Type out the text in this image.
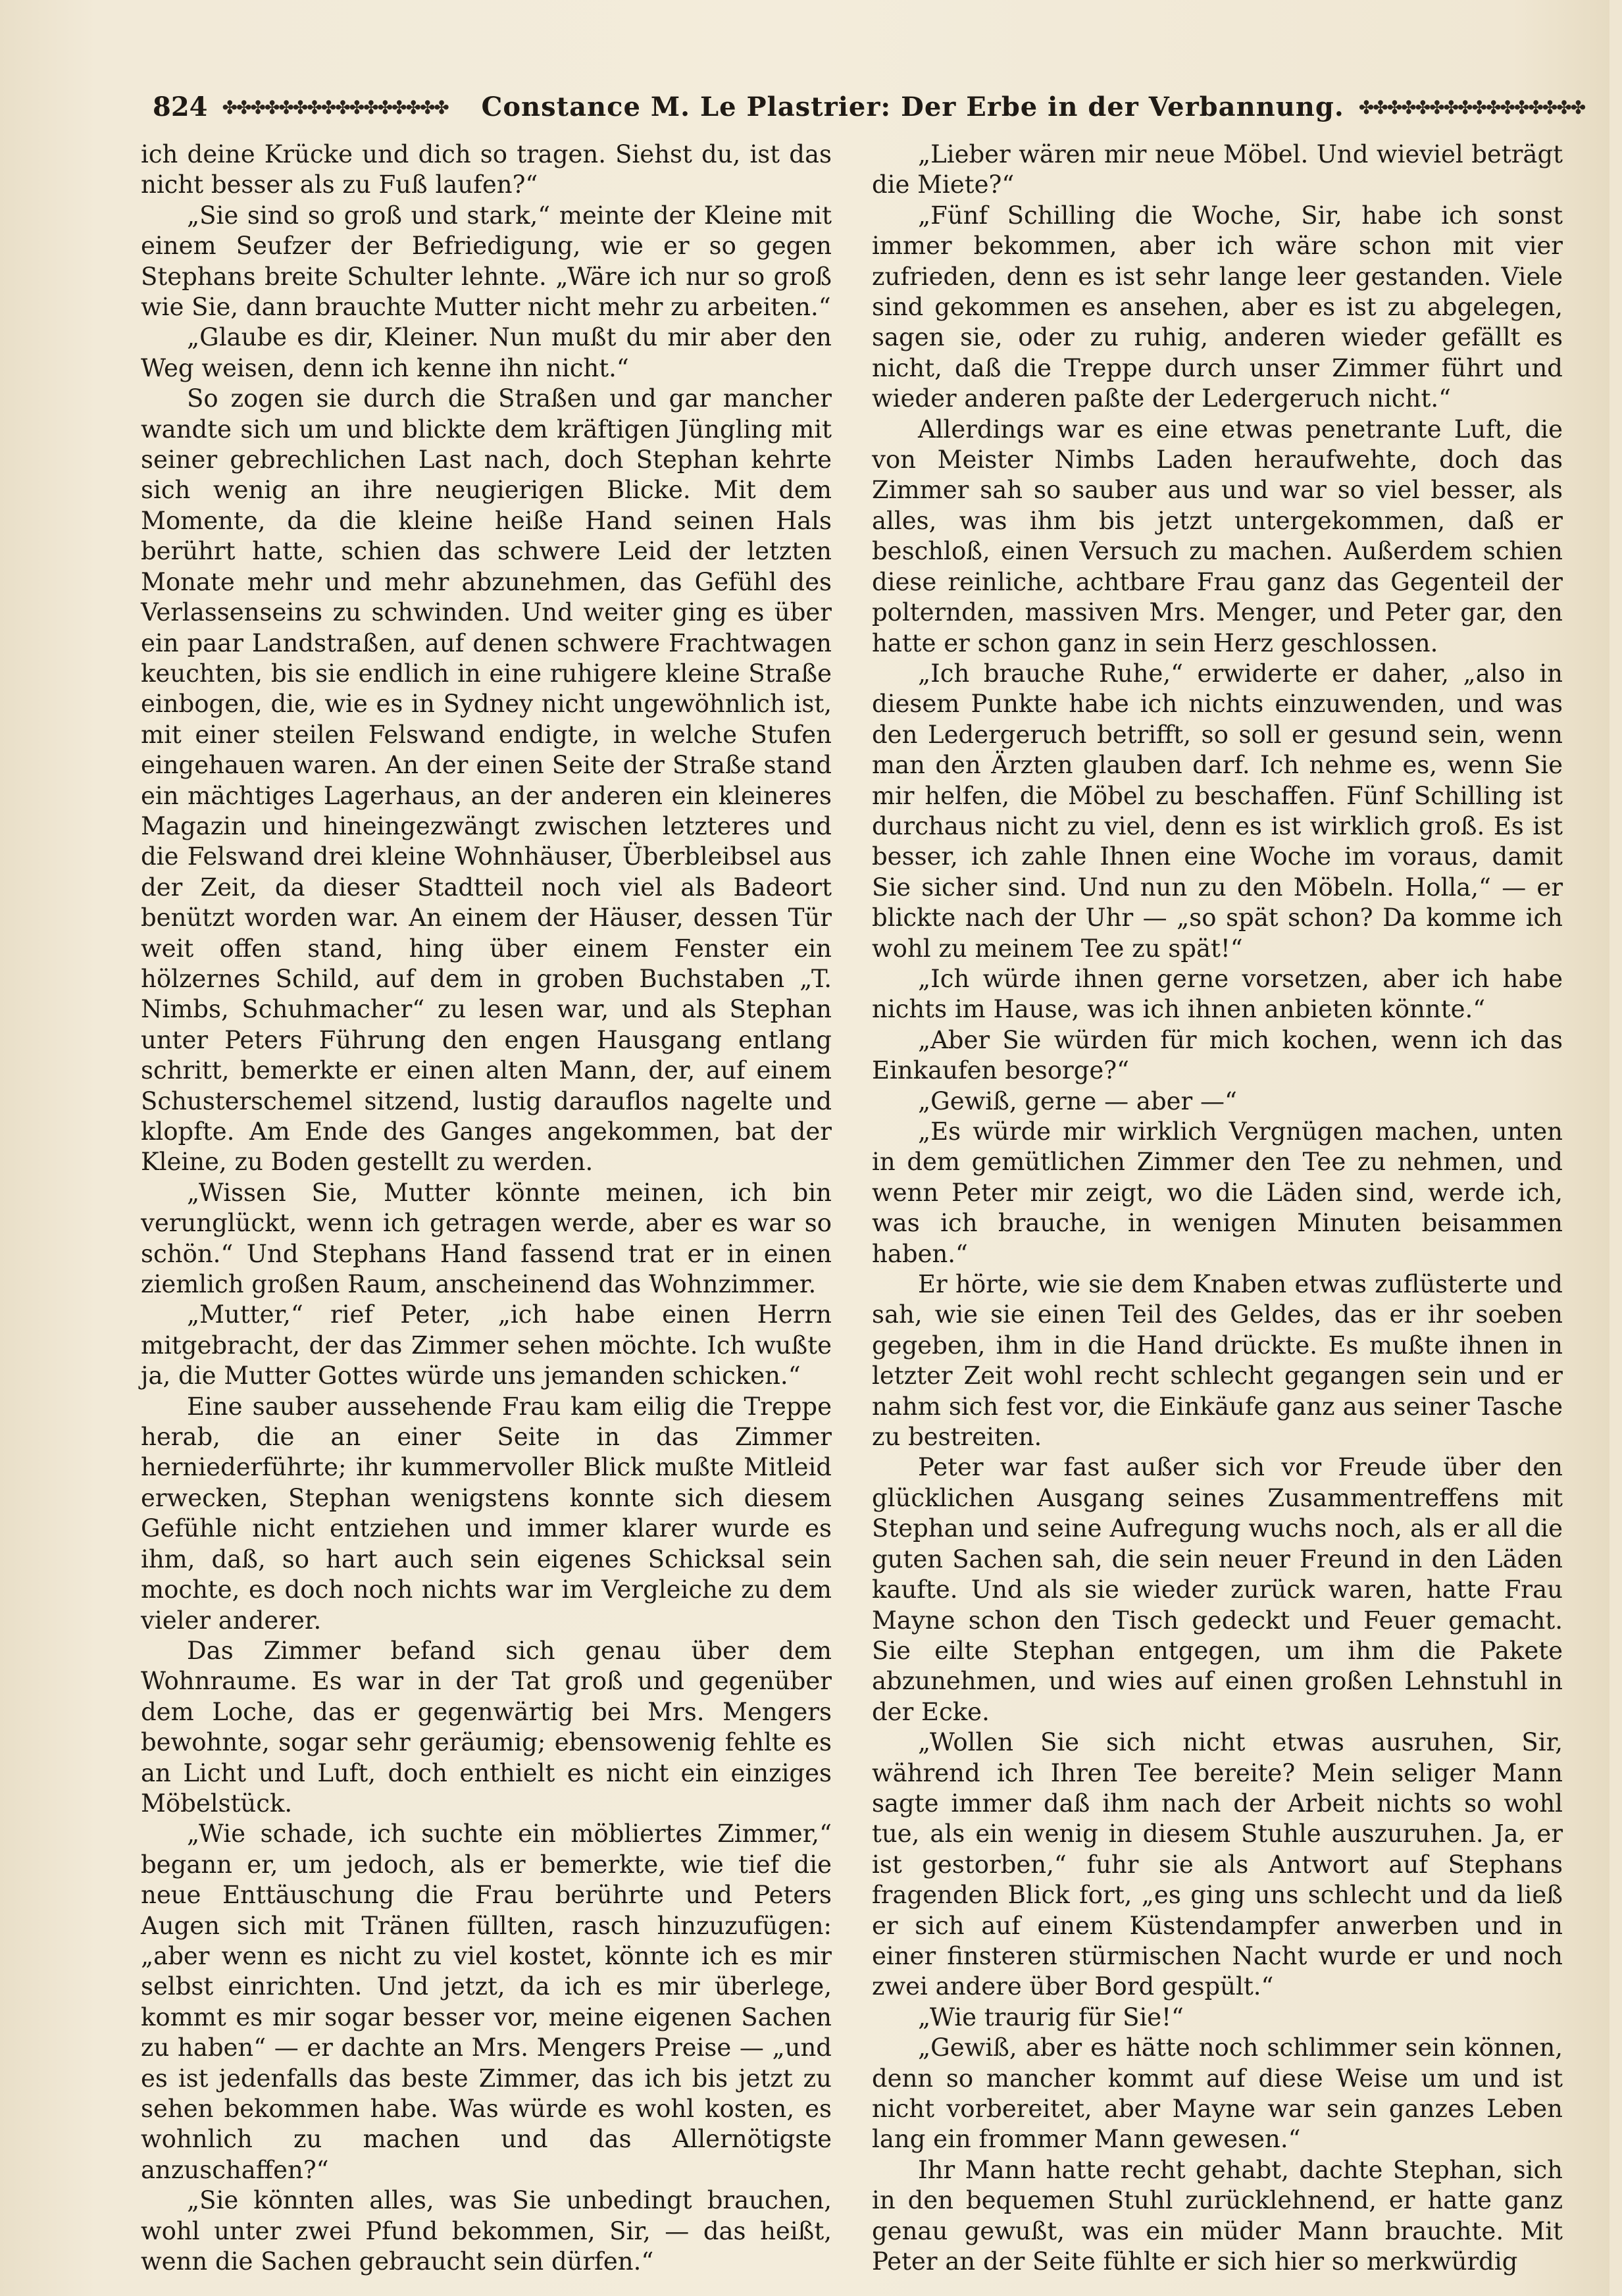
824 ✤✤✤✤✤✤✤✤✤✤✤✤✤✤✤✤	Constance M. Le Plastrier: Der Erbe in der Verbannung. ✤✤✤✤✤✤✤✤✤✤✤✤✤✤✤✤

ich deine Krücke und dich so tragen. Siehst du, ist das nicht besser als zu Fuß laufen?“

„Sie sind so groß und stark,“ meinte der Kleine mit einem Seufzer der Befriedigung, wie er so gegen Stephans breite Schulter lehnte. „Wäre ich nur so groß wie Sie, dann brauchte Mutter nicht mehr zu arbeiten.“

„Glaube es dir, Kleiner. Nun mußt du mir aber den Weg weisen, denn ich kenne ihn nicht.“

So zogen sie durch die Straßen und gar mancher wandte sich um und blickte dem kräftigen Jüngling mit seiner gebrechlichen Last nach, doch Stephan kehrte sich wenig an ihre neugierigen Blicke. Mit dem Momente, da die kleine heiße Hand seinen Hals berührt hatte, schien das schwere Leid der letzten Monate mehr und mehr abzunehmen, das Gefühl des Verlassenseins zu schwinden. Und weiter ging es über ein paar Landstraßen, auf denen schwere Frachtwagen keuchten, bis sie endlich in eine ruhigere kleine Straße einbogen, die, wie es in Sydney nicht ungewöhnlich ist, mit einer steilen Felswand endigte, in welche Stufen eingehauen waren. An der einen Seite der Straße stand ein mächtiges Lagerhaus, an der anderen ein kleineres Magazin und hineingezwängt zwischen letzteres und die Felswand drei kleine Wohnhäuser, Überbleibsel aus der Zeit, da dieser Stadtteil noch viel als Badeort benützt worden war. An einem der Häuser, dessen Tür weit offen stand, hing über einem Fenster ein hölzernes Schild, auf dem in groben Buchstaben „T. Nimbs, Schuhmacher“ zu lesen war, und als Stephan unter Peters Führung den engen Hausgang entlang schritt, bemerkte er einen alten Mann, der, auf einem Schusterschemel sitzend, lustig darauflos nagelte und klopfte. Am Ende des Ganges angekommen, bat der Kleine, zu Boden gestellt zu werden.

„Wissen Sie, Mutter könnte meinen, ich bin verunglückt, wenn ich getragen werde, aber es war so schön.“ Und Stephans Hand fassend trat er in einen ziemlich großen Raum, anscheinend das Wohnzimmer.

„Mutter,“ rief Peter, „ich habe einen Herrn mitgebracht, der das Zimmer sehen möchte. Ich wußte ja, die Mutter Gottes würde uns jemanden schicken.“

Eine sauber aussehende Frau kam eilig die Treppe herab, die an einer Seite in das Zimmer herniederführte; ihr kummervoller Blick mußte Mitleid erwecken, Stephan wenigstens konnte sich diesem Gefühle nicht entziehen und immer klarer wurde es ihm, daß, so hart auch sein eigenes Schicksal sein mochte, es doch noch nichts war im Vergleiche zu dem vieler anderer.

Das Zimmer befand sich genau über dem Wohnraume. Es war in der Tat groß und gegenüber dem Loche, das er gegenwärtig bei Mrs. Mengers bewohnte, sogar sehr geräumig; ebensowenig fehlte es an Licht und Luft, doch enthielt es nicht ein einziges Möbelstück.

„Wie schade, ich suchte ein möbliertes Zimmer,“ begann er, um jedoch, als er bemerkte, wie tief die neue Enttäuschung die Frau berührte und Peters Augen sich mit Tränen füllten, rasch hinzuzufügen: „aber wenn es nicht zu viel kostet, könnte ich es mir selbst einrichten. Und jetzt, da ich es mir überlege, kommt es mir sogar besser vor, meine eigenen Sachen zu haben“ — er dachte an Mrs. Mengers Preise — „und es ist jedenfalls das beste Zimmer, das ich bis jetzt zu sehen bekommen habe. Was würde es wohl kosten, es wohnlich zu machen und das Allernötigste anzuschaffen?“

„Sie könnten alles, was Sie unbedingt brauchen, wohl unter zwei Pfund bekommen, Sir, — das heißt, wenn die Sachen gebraucht sein dürfen.“

„Lieber wären mir neue Möbel. Und wieviel beträgt die Miete?“

„Fünf Schilling die Woche, Sir, habe ich sonst immer bekommen, aber ich wäre schon mit vier zufrieden, denn es ist sehr lange leer gestanden. Viele sind gekommen es ansehen, aber es ist zu abgelegen, sagen sie, oder zu ruhig, anderen wieder gefällt es nicht, daß die Treppe durch unser Zimmer führt und wieder anderen paßte der Ledergeruch nicht.“

Allerdings war es eine etwas penetrante Luft, die von Meister Nimbs Laden heraufwehte, doch das Zimmer sah so sauber aus und war so viel besser, als alles, was ihm bis jetzt untergekommen, daß er beschloß, einen Versuch zu machen. Außerdem schien diese reinliche, achtbare Frau ganz das Gegenteil der polternden, massiven Mrs. Menger, und Peter gar, den hatte er schon ganz in sein Herz geschlossen.

„Ich brauche Ruhe,“ erwiderte er daher, „also in diesem Punkte habe ich nichts einzuwenden, und was den Ledergeruch betrifft, so soll er gesund sein, wenn man den Ärzten glauben darf. Ich nehme es, wenn Sie mir helfen, die Möbel zu beschaffen. Fünf Schilling ist durchaus nicht zu viel, denn es ist wirklich groß. Es ist besser, ich zahle Ihnen eine Woche im voraus, damit Sie sicher sind. Und nun zu den Möbeln. Holla,“ — er blickte nach der Uhr — „so spät schon? Da komme ich wohl zu meinem Tee zu spät!“

„Ich würde ihnen gerne vorsetzen, aber ich habe nichts im Hause, was ich ihnen anbieten könnte.“

„Aber Sie würden für mich kochen, wenn ich das Einkaufen besorge?“

„Gewiß, gerne — aber —“

„Es würde mir wirklich Vergnügen machen, unten in dem gemütlichen Zimmer den Tee zu nehmen, und wenn Peter mir zeigt, wo die Läden sind, werde ich, was ich brauche, in wenigen Minuten beisammen haben.“

Er hörte, wie sie dem Knaben etwas zuflüsterte und sah, wie sie einen Teil des Geldes, das er ihr soeben gegeben, ihm in die Hand drückte. Es mußte ihnen in letzter Zeit wohl recht schlecht gegangen sein und er nahm sich fest vor, die Einkäufe ganz aus seiner Tasche zu bestreiten.

Peter war fast außer sich vor Freude über den glücklichen Ausgang seines Zusammentreffens mit Stephan und seine Aufregung wuchs noch, als er all die guten Sachen sah, die sein neuer Freund in den Läden kaufte. Und als sie wieder zurück waren, hatte Frau Mayne schon den Tisch gedeckt und Feuer gemacht. Sie eilte Stephan entgegen, um ihm die Pakete abzunehmen, und wies auf einen großen Lehnstuhl in der Ecke.

„Wollen Sie sich nicht etwas ausruhen, Sir, während ich Ihren Tee bereite? Mein seliger Mann sagte immer daß ihm nach der Arbeit nichts so wohl tue, als ein wenig in diesem Stuhle auszuruhen. Ja, er ist gestorben,“ fuhr sie als Antwort auf Stephans fragenden Blick fort, „es ging uns schlecht und da ließ er sich auf einem Küstendampfer anwerben und in einer finsteren stürmischen Nacht wurde er und noch zwei andere über Bord gespült.“

„Wie traurig für Sie!“

„Gewiß, aber es hätte noch schlimmer sein können, denn so mancher kommt auf diese Weise um und ist nicht vorbereitet, aber Mayne war sein ganzes Leben lang ein frommer Mann gewesen.“

Ihr Mann hatte recht gehabt, dachte Stephan, sich in den bequemen Stuhl zurücklehnend, er hatte ganz genau gewußt, was ein müder Mann brauchte. Mit Peter an der Seite fühlte er sich hier so merkwürdig
